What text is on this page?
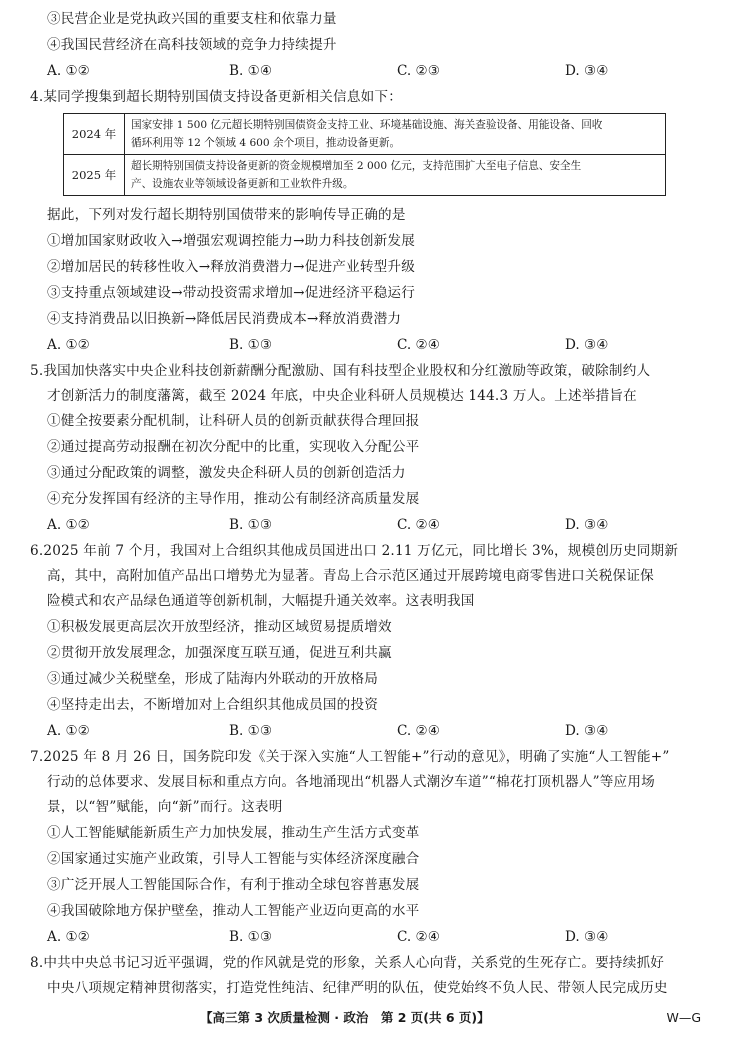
③民营企业是党执政兴国的重要支柱和依靠力量
④我国民营经济在高科技领域的竞争力持续提升
A. ①②	B. ①④	C. ②③	D. ③④
4.某同学搜集到超长期特别国债支持设备更新相关信息如下：
2024 年	国家安排 1 500 亿元超长期特别国债资金支持工业、环境基础设施、海关查验设备、用能设备、回收
循环利用等 12 个领域 4 600 余个项目，推动设备更新。

2025 年	超长期特别国债支持设备更新的资金规模增加至 2 000 亿元，支持范围扩大至电子信息、安全生
产、设施农业等领域设备更新和工业软件升级。
据此，下列对发行超长期特别国债带来的影响传导正确的是
①增加国家财政收入→增强宏观调控能力→助力科技创新发展
②增加居民的转移性收入→释放消费潜力→促进产业转型升级
③支持重点领域建设→带动投资需求增加→促进经济平稳运行
④支持消费品以旧换新→降低居民消费成本→释放消费潜力
A. ①②	B. ①③	C. ②④	D. ③④
5.我国加快落实中央企业科技创新薪酬分配激励、国有科技型企业股权和分红激励等政策，破除制约人
才创新活力的制度藩篱，截至 2024 年底，中央企业科研人员规模达 144.3 万人。上述举措旨在
①健全按要素分配机制，让科研人员的创新贡献获得合理回报
②通过提高劳动报酬在初次分配中的比重，实现收入分配公平
③通过分配政策的调整，激发央企科研人员的创新创造活力
④充分发挥国有经济的主导作用，推动公有制经济高质量发展
A. ①②	B. ①③	C. ②④	D. ③④
6.2025 年前 7 个月，我国对上合组织其他成员国进出口 2.11 万亿元，同比增长 3%，规模创历史同期新
高，其中，高附加值产品出口增势尤为显著。青岛上合示范区通过开展跨境电商零售进口关税保证保
险模式和农产品绿色通道等创新机制，大幅提升通关效率。这表明我国
①积极发展更高层次开放型经济，推动区域贸易提质增效
②贯彻开放发展理念，加强深度互联互通，促进互利共赢
③通过减少关税壁垒，形成了陆海内外联动的开放格局
④坚持走出去，不断增加对上合组织其他成员国的投资
A. ①②	B. ①③	C. ②④	D. ③④
7.2025 年 8 月 26 日，国务院印发《关于深入实施“人工智能+”行动的意见》，明确了实施“人工智能+”
行动的总体要求、发展目标和重点方向。各地涌现出“机器人式潮汐车道”“棉花打顶机器人”等应用场
景，以“智”赋能，向“新”而行。这表明
①人工智能赋能新质生产力加快发展，推动生产生活方式变革
②国家通过实施产业政策，引导人工智能与实体经济深度融合
③广泛开展人工智能国际合作，有利于推动全球包容普惠发展
④我国破除地方保护壁垒，推动人工智能产业迈向更高的水平
A. ①②	B. ①③	C. ②④	D. ③④
8.中共中央总书记习近平强调，党的作风就是党的形象，关系人心向背，关系党的生死存亡。要持续抓好
中央八项规定精神贯彻落实，打造党性纯洁、纪律严明的队伍，使党始终不负人民、带领人民完成历史
【高三第 3 次质量检测 · 政治　第 2 页(共 6 页)】	W—G
